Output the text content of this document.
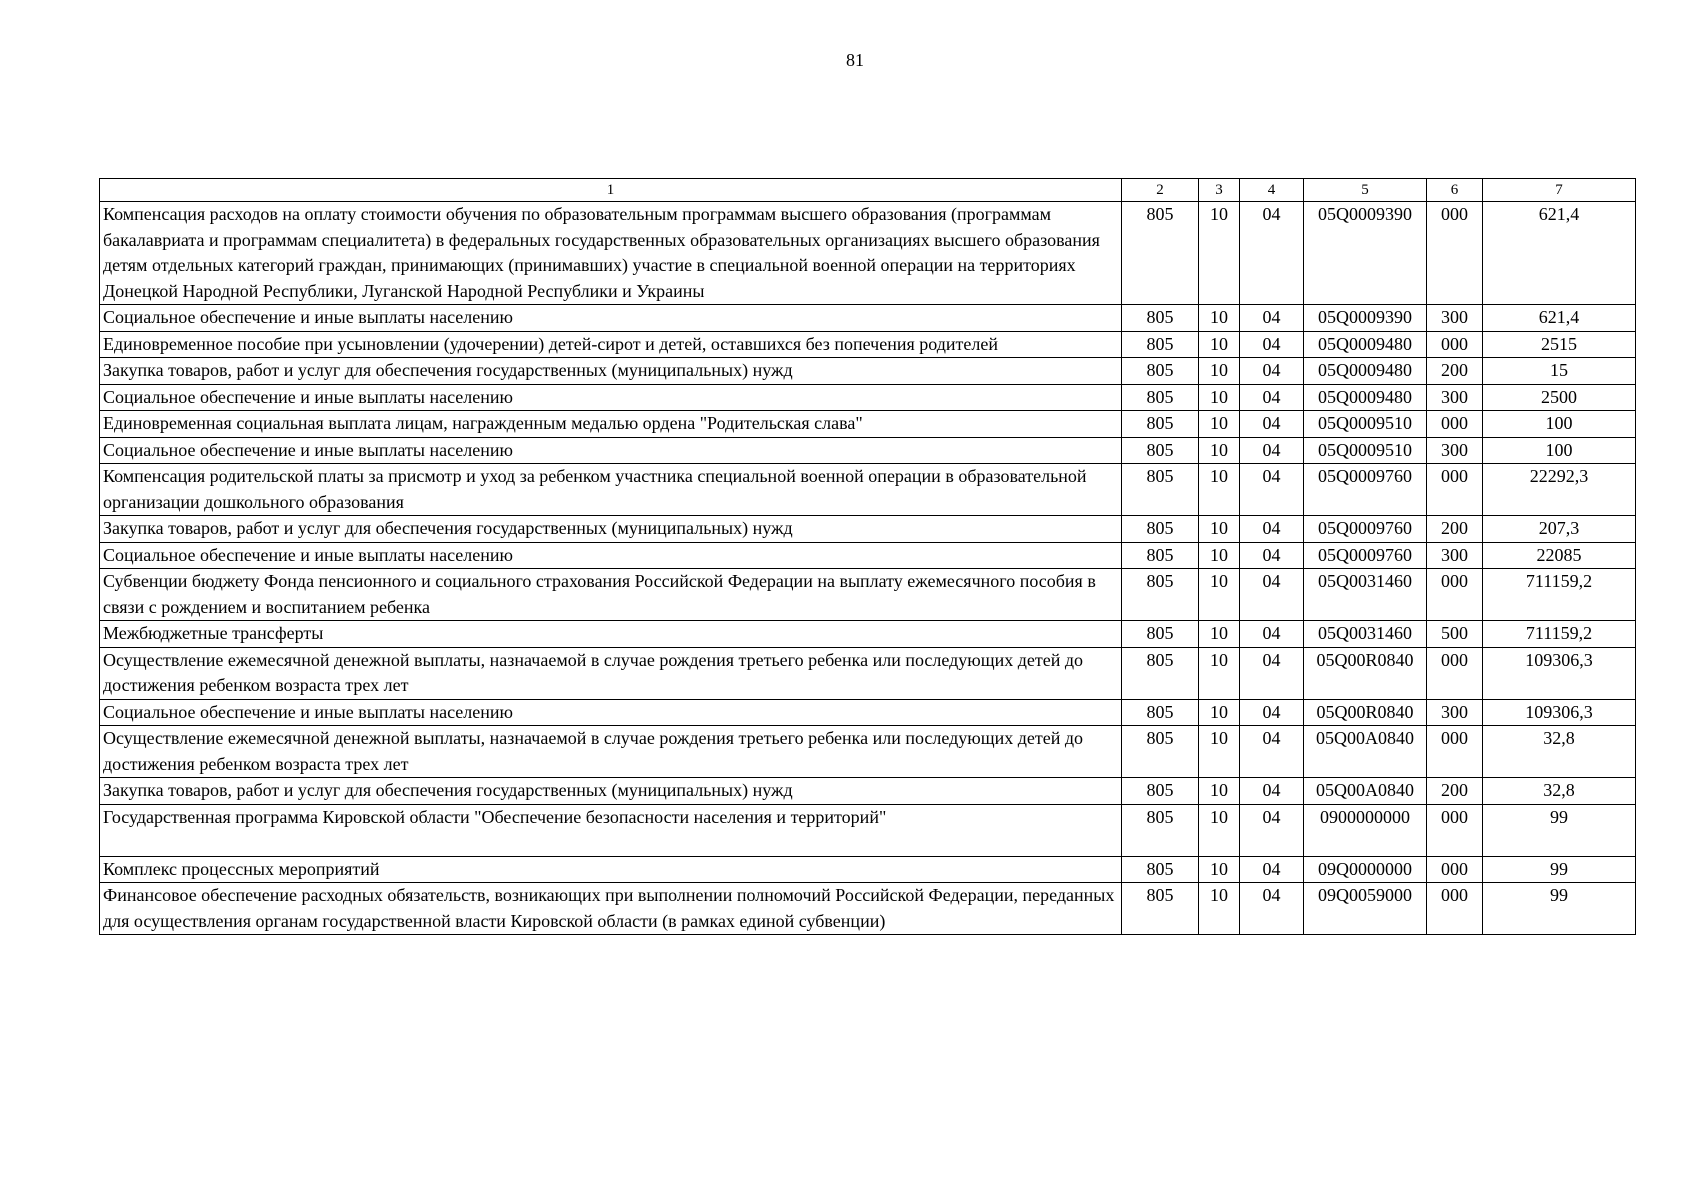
81
1	2	3	4	5	6	7
Компенсация расходов на оплату стоимости обучения по образовательным программам высшего образования (программам бакалавриата и программам специалитета) в федеральных государственных образовательных организациях высшего образования детям отдельных категорий граждан, принимающих (принимавших) участие в специальной военной операции на территориях Донецкой Народной Республики, Луганской Народной Республики и Украины	805	10	04	05Q0009390	000	621,4
Социальное обеспечение и иные выплаты населению	805	10	04	05Q0009390	300	621,4
Единовременное пособие при усыновлении (удочерении) детей-сирот и детей, оставшихся без попечения родителей	805	10	04	05Q0009480	000	2515
Закупка товаров, работ и услуг для обеспечения государственных (муниципальных) нужд	805	10	04	05Q0009480	200	15
Социальное обеспечение и иные выплаты населению	805	10	04	05Q0009480	300	2500
Единовременная социальная выплата лицам, награжденным медалью ордена "Родительская слава"	805	10	04	05Q0009510	000	100
Социальное обеспечение и иные выплаты населению	805	10	04	05Q0009510	300	100
Компенсация родительской платы за присмотр и уход за ребенком участника специальной военной операции в образовательной организации дошкольного образования	805	10	04	05Q0009760	000	22292,3
Закупка товаров, работ и услуг для обеспечения государственных (муниципальных) нужд	805	10	04	05Q0009760	200	207,3
Социальное обеспечение и иные выплаты населению	805	10	04	05Q0009760	300	22085
Субвенции бюджету Фонда пенсионного и социального страхования Российской Федерации на выплату ежемесячного пособия в связи с рождением и воспитанием ребенка	805	10	04	05Q0031460	000	711159,2
Межбюджетные трансферты	805	10	04	05Q0031460	500	711159,2
Осуществление ежемесячной денежной выплаты, назначаемой в случае рождения третьего ребенка или последующих детей до достижения ребенком возраста трех лет	805	10	04	05Q00R0840	000	109306,3
Социальное обеспечение и иные выплаты населению	805	10	04	05Q00R0840	300	109306,3
Осуществление ежемесячной денежной выплаты, назначаемой в случае рождения третьего ребенка или последующих детей до достижения ребенком возраста трех лет	805	10	04	05Q00A0840	000	32,8
Закупка товаров, работ и услуг для обеспечения государственных (муниципальных) нужд	805	10	04	05Q00A0840	200	32,8
Государственная программа Кировской области "Обеспечение безопасности населения и территорий"	805	10	04	0900000000	000	99
Комплекс процессных мероприятий	805	10	04	09Q0000000	000	99
Финансовое обеспечение расходных обязательств, возникающих при выполнении полномочий Российской Федерации, переданных для осуществления органам государственной власти Кировской области (в рамках единой субвенции)	805	10	04	09Q0059000	000	99
